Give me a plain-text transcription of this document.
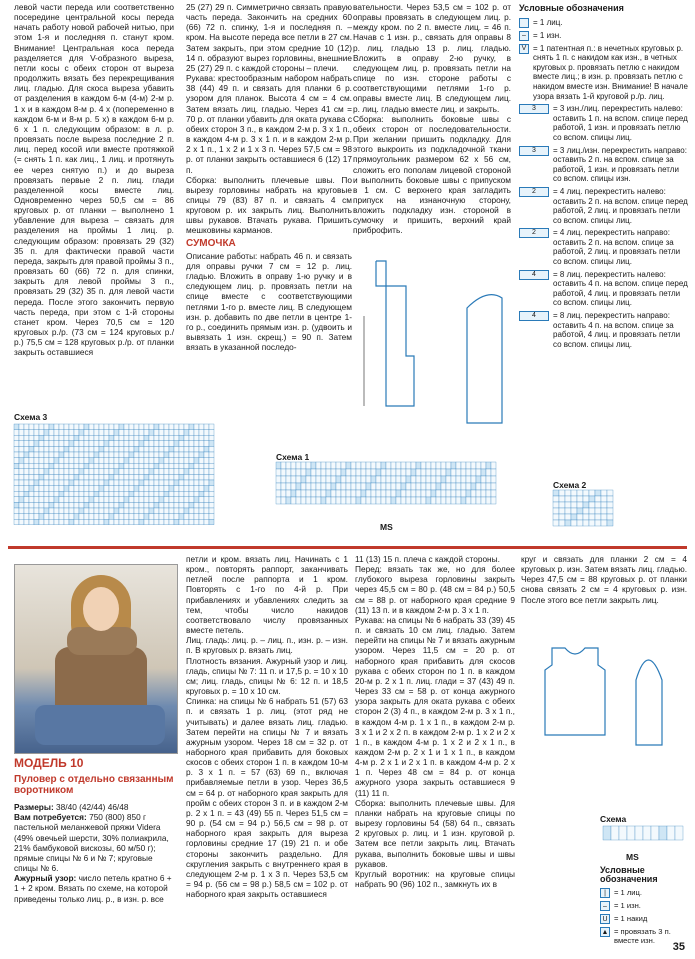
левой части переда или соответственно посередине центральной косы переда начать работу новой рабочей нитью, при этом 1-я и последняя п. станут кром. Внимание! Центральная коса переда разделяется для V-образного выреза, петли косы с обеих сторон от выреза продолжить вязать без перекрещивания лиц. гладью. Для скоса выреза убавить от разделения в каждом 6-м (4-м) 2-м р. 1 x и в каждом 8-м р. 4 x (попеременно в каждом 6-м и 8-м р. 5 x) в каждом 6-м р. 6 x 1 п. следующим образом: в л. р. провязать после выреза последние 2 п. лиц. перед косой или вместе протяжкой (= снять 1 п. как лиц., 1 лиц. и протянуть ее через снятую п.) и до выреза провязать первые 2 п. лиц. глади разделенной косы вместе лиц. Одновременно через 50,5 см = 86 круговых р. от планки – выполнено 1 убавление для выреза – связать для разделения на проймы 1 лиц. р. следующим образом: провязать 29 (32) 35 п. для фактически правой части переда, закрыть для правой проймы 3 п., провязать 60 (66) 72 п. для спинки, закрыть для левой проймы 3 п., провязать 29 (32) 35 п. для левой части переда. После этого закончить первую часть переда, при этом с 1-й стороны станет кром. Через 70,5 см = 120 круговых р./р. (73 см = 124 круговых р./р.) 75,5 см = 128 круговых р./р. от планки закрыть оставшиеся

25 (27) 29 п. Симметрично связать правую часть переда. Закончить на средних 60 (66) 72 п. спинку, 1-я и последняя п. – кром. На высоте переда все петли в 27 см. Затем закрыть, при этом средние 10 (12) 14 п. образуют вырез горловины, внешние 25 (27) 29 п. с каждой стороны – плечи.

Рукава: крестообразным набором набрать 38 (44) 49 п. и связать для планки 6 р. узором для планок. Высота 4 см = 4 см. Затем вязать лиц. гладью. Через 41 см = 70 р. от планки убавить для оката рукава с обеих сторон 3 п., в каждом 2-м р. 3 x 1 п., в каждом 4-м р. 3 x 1 п. и в каждом 2-м р. 2 x 1 п., 1 x 2 и 1 x 3 п. Через 57,5 см = 98 р. от планки закрыть оставшиеся 6 (12) 17 п.

Сборка: выполнить плечевые швы. По вырезу горловины набрать на круговые спицы 79 (83) 87 п. и связать 4 см круговом р. их закрыть лиц. Выполнить швы рукавов. Втачать рукава. Пришить мешковины карманов.

СУМОЧКА

Описание работы: набрать 46 п. и связать для оправы ручки 7 см = 12 р. лиц. гладью. Вложить в оправу 1-ю ручку и в следующем лиц. р. провязать петли на спице вместе с соответствующими петлями 1-го р. вместе лиц. В следующем изн. р. добавить по две петли в центре 1-го р., соединить прямым изн. р. (удвоить и вывязать 1 изн. скрещ.) = 90 п. Затем вязать в указанной последо-

вательности. Через 53,5 см = 102 р. от оправы провязать в следующем лиц. р. между кром. по 2 п. вместе лиц. = 46 п. Начав с 1 изн. р., связать для оправы 8 р. лиц. гладью 13 р. лиц. гладью. Вложить в оправу 2-ю ручку, в следующем лиц. р. провязать петли на спице по изн. стороне работы с соответствующими петлями 1-го р. оправы вместе лиц. В следующем лиц. р. лиц. гладью вместе лиц. и закрыть.

Сборка: выполнить боковые швы с обеих сторон от последовательности. При желании пришить подкладку. Для этого выкроить из подкладочной ткани прямоугольник размером 62 x 56 см, сложить его пополам лицевой стороной и выполнить боковые швы с припуском в 1 см. С верхнего края загладить припуск на изнаночную сторону, вложить подкладку изн. стороной в сумочку и пришить, верхний край приброфить.

Условные обозначения
= 1 лиц.
– = 1 изн.
V = 1 патентная п.: в нечетных круговых р. снять 1 п. с накидом как изн., в четных круговых р. провязать петлю с накидом вместе лиц.; в изн. р. провязать петлю с накидом вместе изн. Внимание! В начале узора вязать 1-й круговой р./р. лиц.
3	= 3 изн./лиц. перекрестить налево: оставить 1 п. на вспом. спице перед работой, 1 изн. и провязать петлю со вспом. спицы лиц.
3	= 3 лиц./изн. перекрестить направо: оставить 2 п. на вспом. спице за работой, 1 изн. и провязать петли со вспом. спицы изн.
2	= 4 лиц. перекрестить налево: оставить 2 п. на вспом. спице перед работой, 2 лиц. и провязать петли со вспом. спицы лиц.
2	= 4 лиц. перекрестить направо: оставить 2 п. на вспом. спице за работой, 2 лиц. и провязать петли со вспом. спицы лиц.
4	= 8 лиц. перекрестить налево: оставить 4 п. на вспом. спице перед работой, 4 лиц. и провязать петли со вспом. спицы лиц.
4	= 8 лиц. перекрестить направо: оставить 4 п. на вспом. спице за работой, 4 лиц. и провязать петли со вспом. спицы лиц.
Схема 3
Схема 1
MS
Схема 2
МОДЕЛЬ 10
Пуловер с отдельно связанным воротником

Размеры: 38/40 (42/44) 46/48

Вам потребуется: 750 (800) 850 г пастельной меланжевой пряжи Videra (49% овечьей шерсти, 30% полиакрила, 21% бамбуковой вискозы, 60 м/50 г); прямые спицы № 6 и № 7; круговые спицы № 6.

Ажурный узор: число петель кратно 6 + 1 + 2 кром. Вязать по схеме, на которой приведены только лиц. р., в изн. р. все

петли и кром. вязать лиц. Начинать с 1 кром., повторять раппорт, заканчивать петлей после раппорта и 1 кром. Повторять с 1-го по 4-й р. При прибавлениях и убавлениях следить за тем, чтобы число накидов соответствовало числу провязанных вместе петель.

Лиц. гладь: лиц. р. – лиц. п., изн. р. – изн. п. В круговых р. вязать лиц.

Плотность вязания. Ажурный узор и лиц. гладь, спицы № 7: 11 п. и 17,5 р. = 10 x 10 см; лиц. гладь, спицы № 6: 12 п. и 18,5 круговых р. = 10 x 10 см.

Спинка: на спицы № 6 набрать 51 (57) 63 п. и связать 1 р. лиц. (этот ряд не учитывать) и далее вязать лиц. гладью. Затем перейти на спицы № 7 и вязать ажурным узором. Через 18 см = 32 р. от наборного края прибавить для боковых скосов с обеих сторон 1 п. в каждом 10-м р. 3 x 1 п. = 57 (63) 69 п., включая прибавляемые петли в узор. Через 36,5 см = 64 р. от наборного края закрыть для пройм с обеих сторон 3 п. и в каждом 2-м р. 2 x 1 п. = 43 (49) 55 п. Через 51,5 см = 90 р. (54 см = 94 р.) 56,5 см = 98 р. от наборного края закрыть для выреза горловины средние 17 (19) 21 п. и обе стороны закончить раздельно. Для скругления закрыть с внутреннего края в следующем 2-м р. 1 x 3 п. Через 53,5 см = 94 р. (56 см = 98 р.) 58,5 см = 102 р. от наборного края закрыть оставшиеся

11 (13) 15 п. плеча с каждой стороны.

Перед: вязать так же, но для более глубокого выреза горловины закрыть через 45,5 см = 80 р. (48 см = 84 р.) 50,5 см = 88 р. от наборного края средние 9 (11) 13 п. и в каждом 2-м р. 3 x 1 п.

Рукава: на спицы № 6 набрать 33 (39) 45 п. и связать 10 см лиц. гладью. Затем перейти на спицы № 7 и вязать ажурным узором. Через 11,5 см = 20 р. от наборного края прибавить для скосов рукава с обеих сторон по 1 п. в каждом 20-м р. 2 x 1 п. лиц. глади = 37 (43) 49 п. Через 33 см = 58 р. от конца ажурного узора закрыть для оката рукава с обеих сторон 2 (3) 4 п., в каждом 2-м р. 3 x 1 п., в каждом 4-м р. 1 x 1 п., в каждом 2-м р. 3 x 1 и 2 x 2 п. в каждом 2-м р. 1 x 2 и 2 x 1 п., в каждом 4-м р. 1 x 2 и 2 x 1 п., в каждом 2-м р. 2 x 1 и 1 x 1 п., в каждом 4-м р. 2 x 1 и 2 x 1 п. в каждом 4-м р. 2 x 1 п. Через 48 см = 84 р. от конца ажурного узора закрыть оставшиеся 9 (11) 11 п.

Сборка: выполнить плечевые швы. Для планки набрать на круговые спицы по вырезу горловины 54 (58) 64 п., связать 2 круговых р. лиц. и 1 изн. круговой р. Затем все петли закрыть лиц. Втачать рукава, выполнить боковые швы и швы рукавов.

Круглый воротник: на круговые спицы набрать 90 (96) 102 п., замкнуть их в

круг и связать для планки 2 см = 4 круговых р. изн. Затем вязать лиц. гладью. Через 47,5 см = 88 круговых р. от планки снова связать 2 см = 4 круговых р. изн. После этого все петли закрыть лиц.

Схема
MS
Условные обозначения
|	= 1 лиц.
– = 1 изн.
U = 1 накид
▲ = провязать 3 п. вместе изн.
35
